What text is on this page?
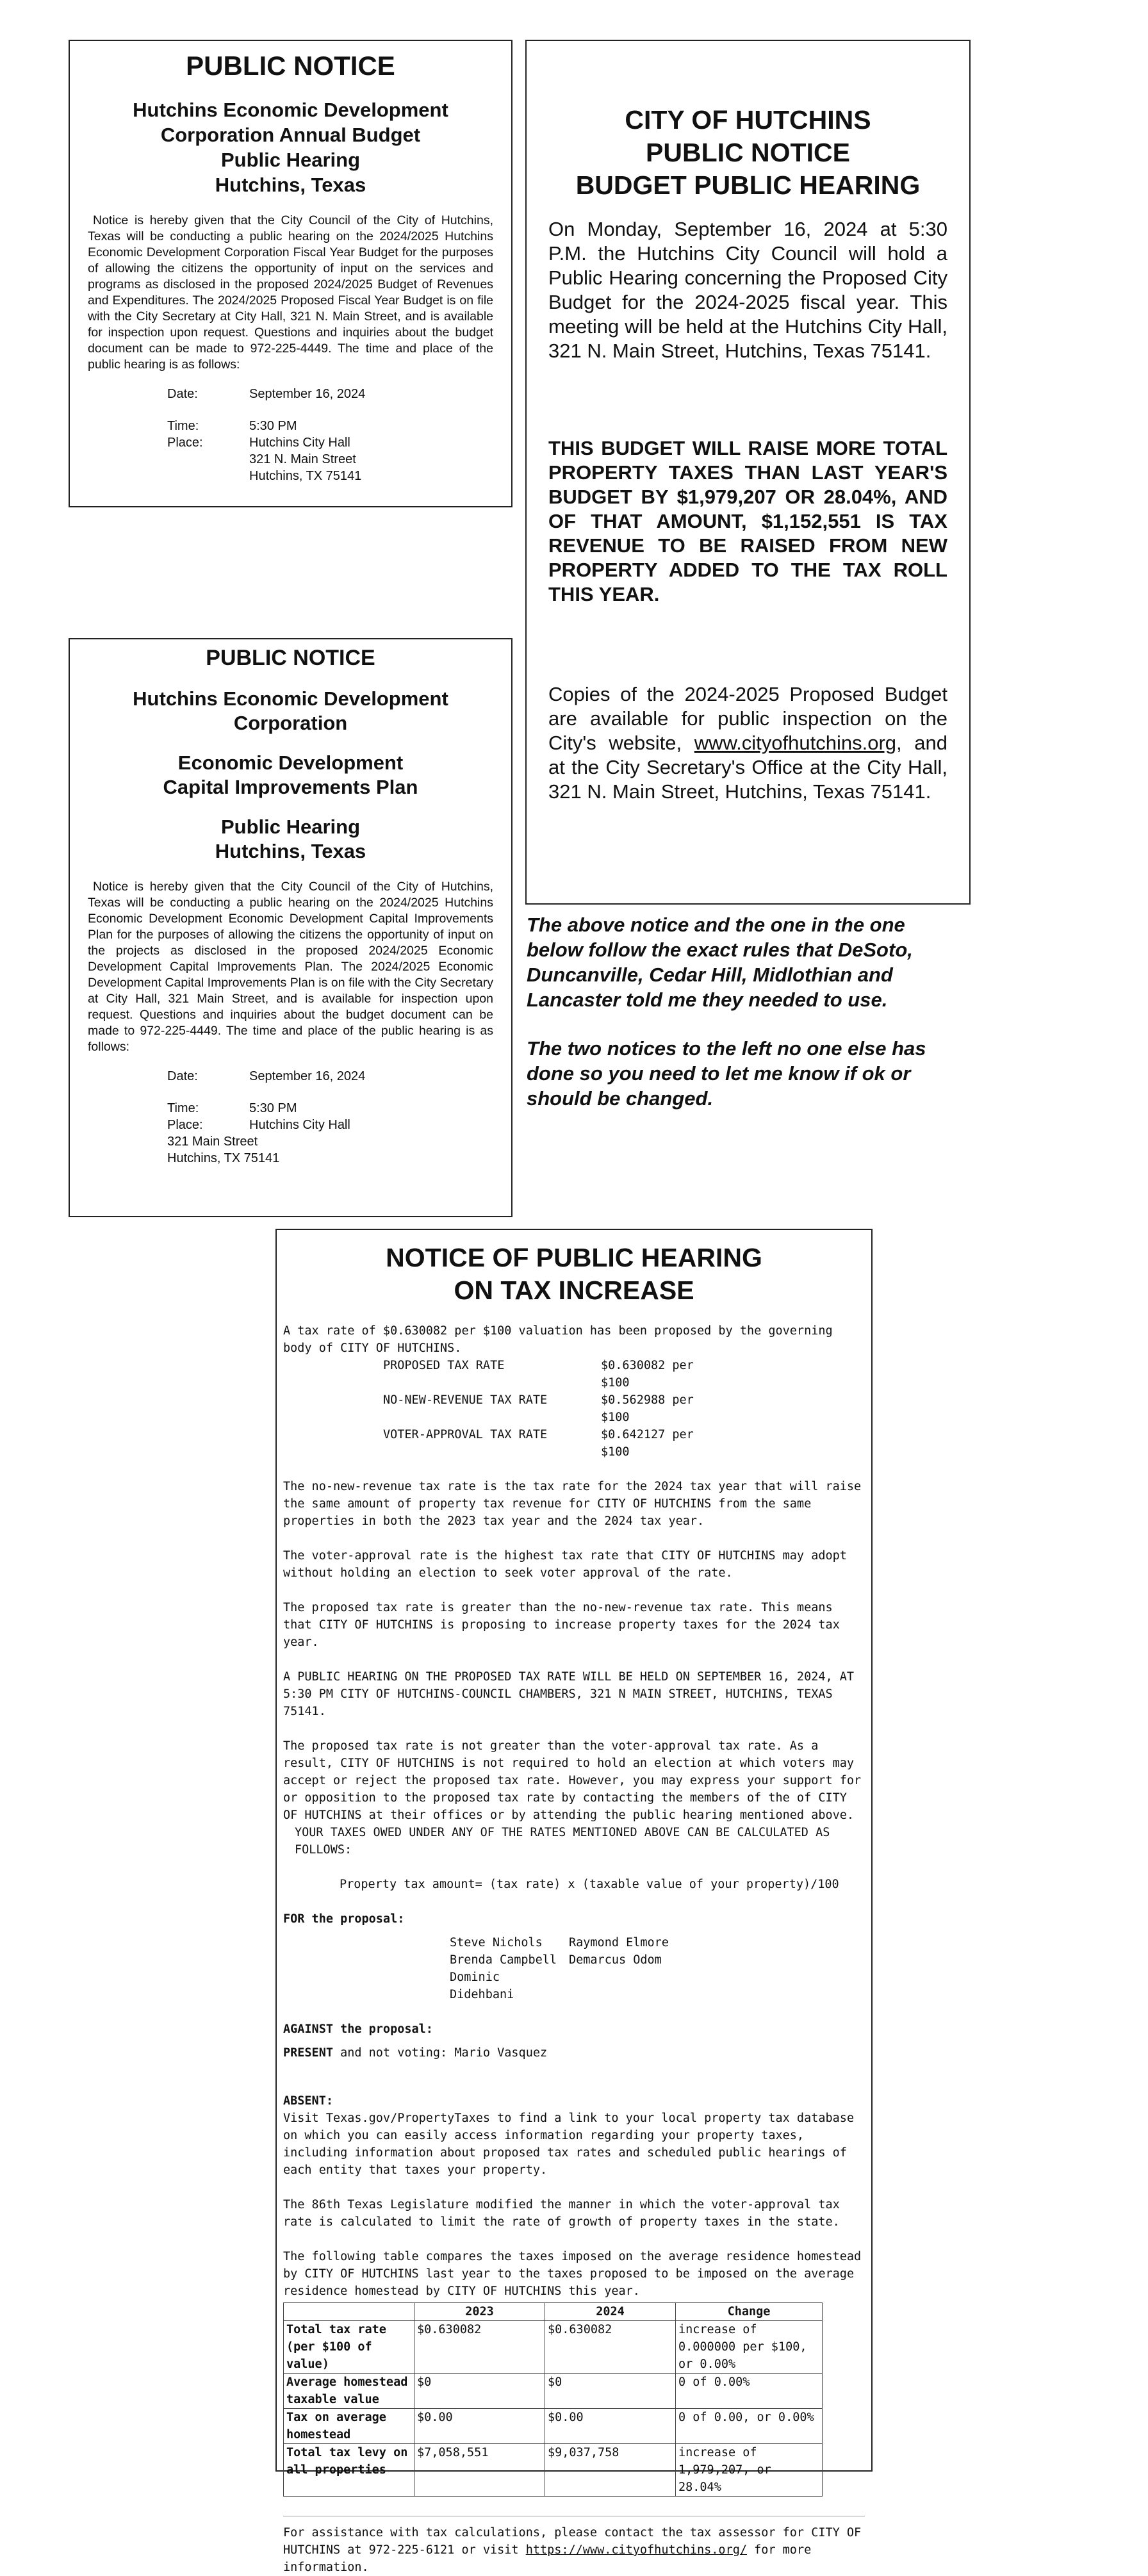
PUBLIC NOTICE
Hutchins Economic Development
Corporation Annual Budget
Public Hearing
Hutchins, Texas

Notice is hereby given that the City Council of the City of Hutchins, Texas will be conducting a public hearing on the 2024/2025 Hutchins Economic Development Corporation Fiscal Year Budget for the purposes of allowing the citizens the opportunity of input on the services and programs as disclosed in the proposed 2024/2025 Budget of Revenues and Expenditures. The 2024/2025 Proposed Fiscal Year Budget is on file with the City Secretary at City Hall, 321 N. Main Street, and is available for inspection upon request. Questions and inquiries about the budget document can be made to 972-225-4449. The time and place of the public hearing is as follows:

Date:	September 16, 2024
Time:	5:30 PM
Place:	Hutchins City Hall
321 N. Main Street
Hutchins, TX 75141
CITY OF HUTCHINS
PUBLIC NOTICE
BUDGET PUBLIC HEARING

On Monday, September 16, 2024 at 5:30 P.M. the Hutchins City Council will hold a Public Hearing concerning the Proposed City Budget for the 2024-2025 fiscal year. This meeting will be held at the Hutchins City Hall, 321 N. Main Street, Hutchins, Texas 75141.

THIS BUDGET WILL RAISE MORE TOTAL PROPERTY TAXES THAN LAST YEAR'S BUDGET BY $1,979,207 OR 28.04%, AND OF THAT AMOUNT, $1,152,551 IS TAX REVENUE TO BE RAISED FROM NEW PROPERTY ADDED TO THE TAX ROLL THIS YEAR.

Copies of the 2024-2025 Proposed Budget are available for public inspection on the City's website, www.cityofhutchins.org, and at the City Secretary's Office at the City Hall, 321 N. Main Street, Hutchins, Texas 75141.

PUBLIC NOTICE
Hutchins Economic Development
Corporation
Economic Development
Capital Improvements Plan
Public Hearing
Hutchins, Texas

Notice is hereby given that the City Council of the City of Hutchins, Texas will be conducting a public hearing on the 2024/2025 Hutchins Economic Development Economic Development Capital Improvements Plan for the purposes of allowing the citizens the opportunity of input on the projects as disclosed in the proposed 2024/2025 Economic Development Capital Improvements Plan. The 2024/2025 Economic Development Capital Improvements Plan is on file with the City Secretary at City Hall, 321 Main Street, and is available for inspection upon request. Questions and inquiries about the budget document can be made to 972-225-4449. The time and place of the public hearing is as follows:

Date:	September 16, 2024
Time:	5:30 PM
Place:	Hutchins City Hall
321 Main Street
Hutchins, TX 75141

The above notice and the one in the one below follow the exact rules that DeSoto, Duncanville, Cedar Hill, Midlothian and Lancaster told me they needed to use.

The two notices to the left no one else has done so you need to let me know if ok or should be changed.

NOTICE OF PUBLIC HEARING
ON TAX INCREASE

A tax rate of $0.630082 per $100 valuation has been proposed by the governing body of CITY OF HUTCHINS.

PROPOSED TAX RATE	$0.630082 per $100
NO-NEW-REVENUE TAX RATE	$0.562988 per $100
VOTER-APPROVAL TAX RATE	$0.642127 per $100

The no-new-revenue tax rate is the tax rate for the 2024 tax year that will raise the same amount of property tax revenue for CITY OF HUTCHINS from the same properties in both the 2023 tax year and the 2024 tax year.

The voter-approval rate is the highest tax rate that CITY OF HUTCHINS may adopt without holding an election to seek voter approval of the rate.

The proposed tax rate is greater than the no-new-revenue tax rate. This means that CITY OF HUTCHINS is proposing to increase property taxes for the 2024 tax year.

A PUBLIC HEARING ON THE PROPOSED TAX RATE WILL BE HELD ON SEPTEMBER 16, 2024, AT 5:30 PM CITY OF HUTCHINS-COUNCIL CHAMBERS, 321 N MAIN STREET, HUTCHINS, TEXAS 75141.

The proposed tax rate is not greater than the voter-approval tax rate. As a result, CITY OF HUTCHINS is not required to hold an election at which voters may accept or reject the proposed tax rate. However, you may express your support for or opposition to the proposed tax rate by contacting the members of the of CITY OF HUTCHINS at their offices or by attending the public hearing mentioned above.

YOUR TAXES OWED UNDER ANY OF THE RATES MENTIONED ABOVE CAN BE CALCULATED AS FOLLOWS:

Property tax amount= (tax rate) x (taxable value of your property)/100

FOR the proposal:

Steve Nichols
Brenda Campbell
Dominic Didehbani
Raymond Elmore
Demarcus Odom

AGAINST the proposal:

PRESENT and not voting: Mario Vasquez

ABSENT:

Visit Texas.gov/PropertyTaxes to find a link to your local property tax database on which you can easily access information regarding your property taxes, including information about proposed tax rates and scheduled public hearings of each entity that taxes your property.

The 86th Texas Legislature modified the manner in which the voter-approval tax rate is calculated to limit the rate of growth of property taxes in the state.

The following table compares the taxes imposed on the average residence homestead by CITY OF HUTCHINS last year to the taxes proposed to be imposed on the average residence homestead by CITY OF HUTCHINS this year.

	2023	2024	Change
Total tax rate (per $100 of value)	$0.630082	$0.630082	increase of 0.000000 per $100, or 0.00%
Average homestead taxable value	$0	$0	0 of 0.00%
Tax on average homestead	$0.00	$0.00	0 of 0.00, or 0.00%
Total tax levy on all properties	$7,058,551	$9,037,758	increase of 1,979,207, or 28.04%

For assistance with tax calculations, please contact the tax assessor for CITY OF HUTCHINS at 972-225-6121 or visit https://www.cityofhutchins.org/ for more information.
